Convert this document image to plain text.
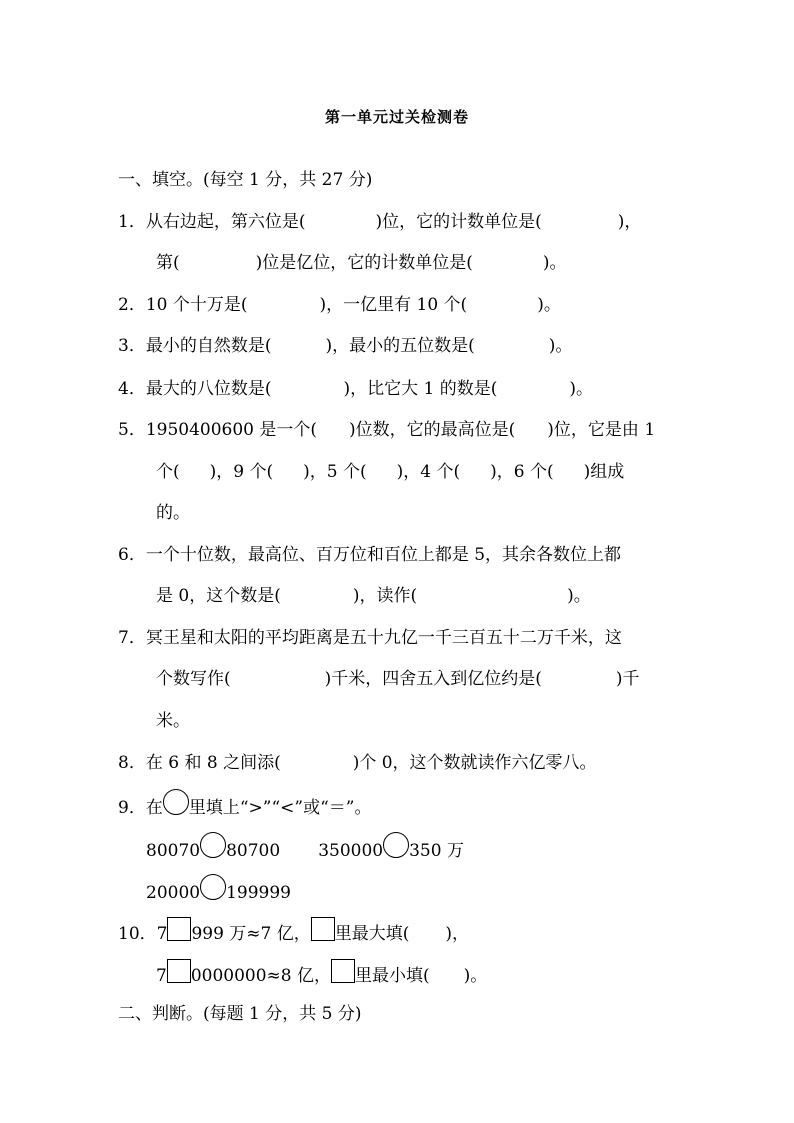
第一单元过关检测卷
一、填空。(每空 1 分，共 27 分)
1．从右边起，第六位是(	)位，它的计数单位是(	)，
第(	)位是亿位，它的计数单位是(	)。
2．10 个十万是(	)，一亿里有 10 个(	)。
3．最小的自然数是(	)，最小的五位数是(	)。
4．最大的八位数是(	)，比它大 1 的数是(	)。
5．1950400600 是一个( )位数，它的最高位是( )位，它是由 1
个( )，9 个( )，5 个( )，4 个( )，6 个( )组成
的。
6．一个十位数，最高位、百万位和百位上都是 5，其余各数位上都
是 0，这个数是(	)，读作(	)。
7．冥王星和太阳的平均距离是五十九亿一千三百五十二万千米，这
个数写作(	)千米，四舍五入到亿位约是(	)千
米。
8．在 6 和 8 之间添(	)个 0，这个数就读作六亿零八。
9．在 里填上“>”“<”或“＝”。
80070 80700 350000 350 万
20000 199999
10．7 999 万≈7 亿， 里最大填( )，
7 0000000≈8 亿， 里最小填( )。
二、判断。(每题 1 分，共 5 分)
